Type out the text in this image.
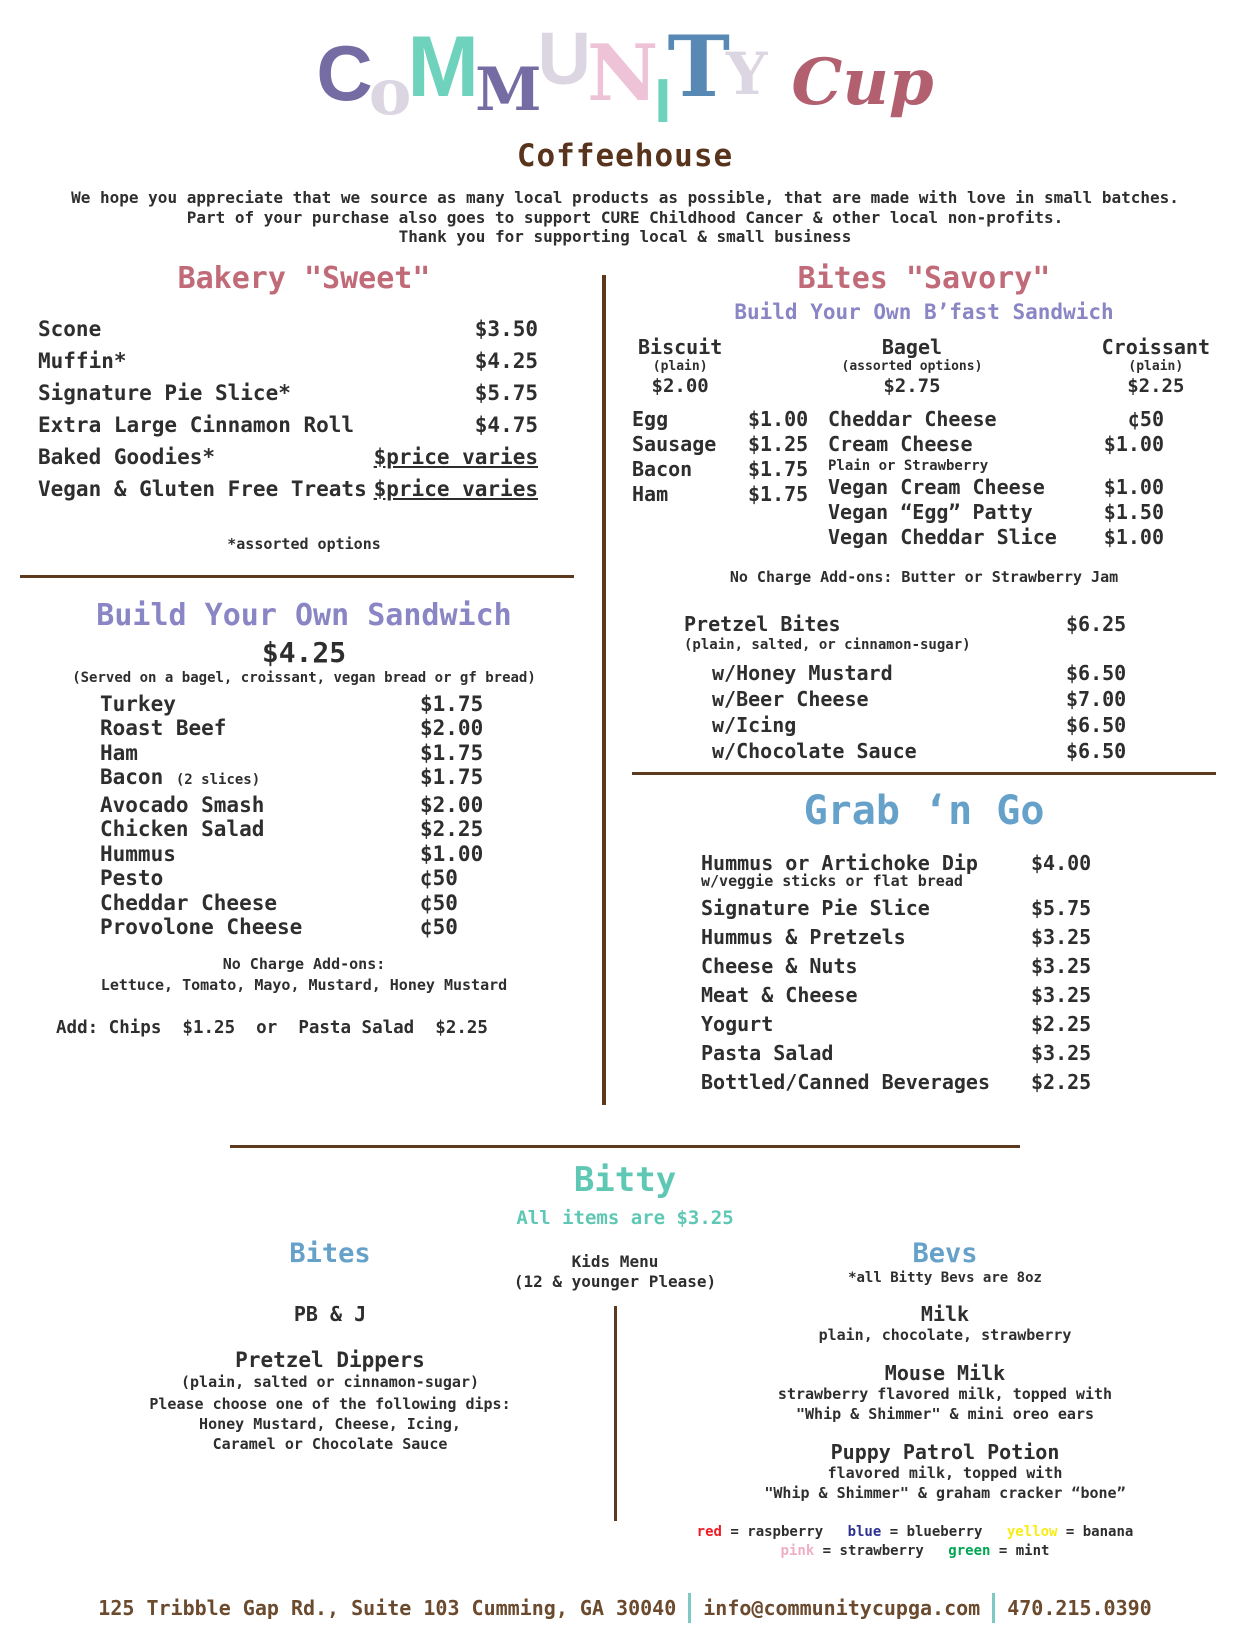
CoMMUNITY Cup
Coffeehouse
We hope you appreciate that we source as many local products as possible, that are made with love in small batches.
Part of your purchase also goes to support CURE Childhood Cancer & other local non-profits.
Thank you for supporting local & small business
Bakery "Sweet"
Scone	$3.50
Muffin*	$4.25
Signature Pie Slice*	$5.75
Extra Large Cinnamon Roll	$4.75
Baked Goodies*	$price varies
Vegan & Gluten Free Treats $price varies
*assorted options
Build Your Own Sandwich
$4.25
(Served on a bagel, croissant, vegan bread or gf bread)
Turkey	$1.75
Roast Beef	$2.00
Ham	$1.75
Bacon (2 slices)	$1.75
Avocado Smash	$2.00
Chicken Salad	$2.25
Hummus	$1.00
Pesto	¢50
Cheddar Cheese	¢50
Provolone Cheese	¢50
No Charge Add-ons:
Lettuce, Tomato, Mayo, Mustard, Honey Mustard
Add: Chips  $1.25  or  Pasta Salad  $2.25
Bites "Savory"
Build Your Own B’fast Sandwich
Biscuit
(plain)
$2.00
Bagel
(assorted options)
$2.75
Croissant
(plain)
$2.25
Egg	$1.00
Sausage	$1.25
Bacon	$1.75
Ham	$1.75
Cheddar Cheese	¢50
Cream Cheese	$1.00
Plain or Strawberry
Vegan Cream Cheese	$1.00
Vegan “Egg” Patty	$1.50
Vegan Cheddar Slice $1.00
No Charge Add-ons: Butter or Strawberry Jam
Pretzel Bites	$6.25
(plain, salted, or cinnamon-sugar)
w/Honey Mustard	$6.50
w/Beer Cheese	$7.00
w/Icing	$6.50
w/Chocolate Sauce	$6.50
Grab ‘n Go
Hummus or Artichoke Dip	$4.00
w/veggie sticks or flat bread
Signature Pie Slice	$5.75
Hummus & Pretzels	$3.25
Cheese & Nuts	$3.25
Meat & Cheese	$3.25
Yogurt	$2.25
Pasta Salad	$3.25
Bottled/Canned Beverages	$2.25
Bitty
All items are $3.25
Bites
PB & J
Pretzel Dippers
(plain, salted or cinnamon-sugar)
Please choose one of the following dips:
Honey Mustard, Cheese, Icing,
Caramel or Chocolate Sauce
Kids Menu
(12 & younger Please)
Bevs
*all Bitty Bevs are 8oz
Milk
plain, chocolate, strawberry
Mouse Milk
strawberry flavored milk, topped with
"Whip & Shimmer" & mini oreo ears
Puppy Patrol Potion
flavored milk, topped with
"Whip & Shimmer" & graham cracker “bone”
red = raspberry blue = blueberry yellow = banana
pink = strawberry green = mint
125 Tribble Gap Rd., Suite 103 Cumming, GA 30040 info@communitycupga.com 470.215.0390
